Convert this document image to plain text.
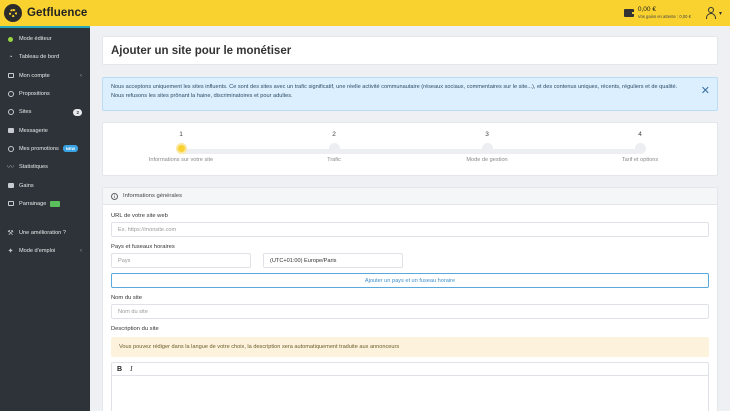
Getfluence	0,00 €
Vos gains en attente : 0,00 €	▾
Mode éditeur
◔ Tableau de bord
Mon compte	‹
Propositions
Sites	2
Messagerie
Mes promotions	NEW
〰 Statistiques
Gains
Parrainage
⚒ Une amélioration ?
✦ Mode d'emploi	‹
Ajouter un site pour le monétiser
Nous acceptons uniquement les sites influents. Ce sont des sites avec un trafic significatif, une réelle activité communautaire (réseaux sociaux, commentaires sur le site...), et des contenus uniques, récents, réguliers et de qualité. Nous refusons les sites prônant la haine, discriminatoires et pour adultes.	✕
1
Informations sur votre site
2
Trafic
3
Mode de gestion
4
Tarif et options
i	Informations générales
URL de votre site web
Ex. https://monsite.com
Pays et fuseaux horaires
Pays	(UTC+01:00) Europe/Paris
Ajouter un pays et un fuseau horaire
Nom du site
Nom du site
Description du site
Vous pouvez rédiger dans la langue de votre choix, la description sera automatiquement traduite aux annonceurs
B I
